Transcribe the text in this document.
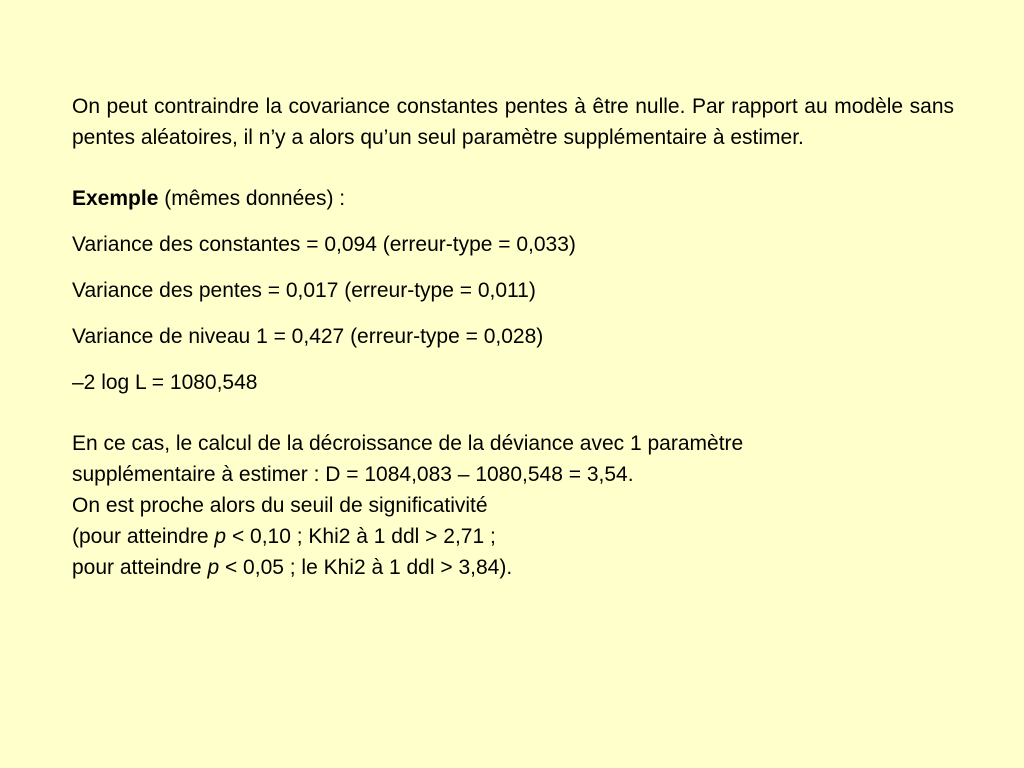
On peut contraindre la covariance constantes pentes à être nulle. Par rapport au modèle sans pentes aléatoires, il n’y a alors qu’un seul paramètre supplémentaire à estimer.

Exemple (mêmes données) :

Variance des constantes = 0,094 (erreur-type = 0,033)

Variance des pentes = 0,017 (erreur-type = 0,011)

Variance de niveau 1 = 0,427 (erreur-type = 0,028)

–2 log L = 1080,548

En ce cas, le calcul de la décroissance de la déviance avec 1 paramètre

supplémentaire à estimer : D = 1084,083 – 1080,548 = 3,54.

On est proche alors du seuil de significativité

(pour atteindre p < 0,10 ; Khi2 à 1 ddl > 2,71 ;

pour atteindre p < 0,05 ; le Khi2 à 1 ddl > 3,84).
